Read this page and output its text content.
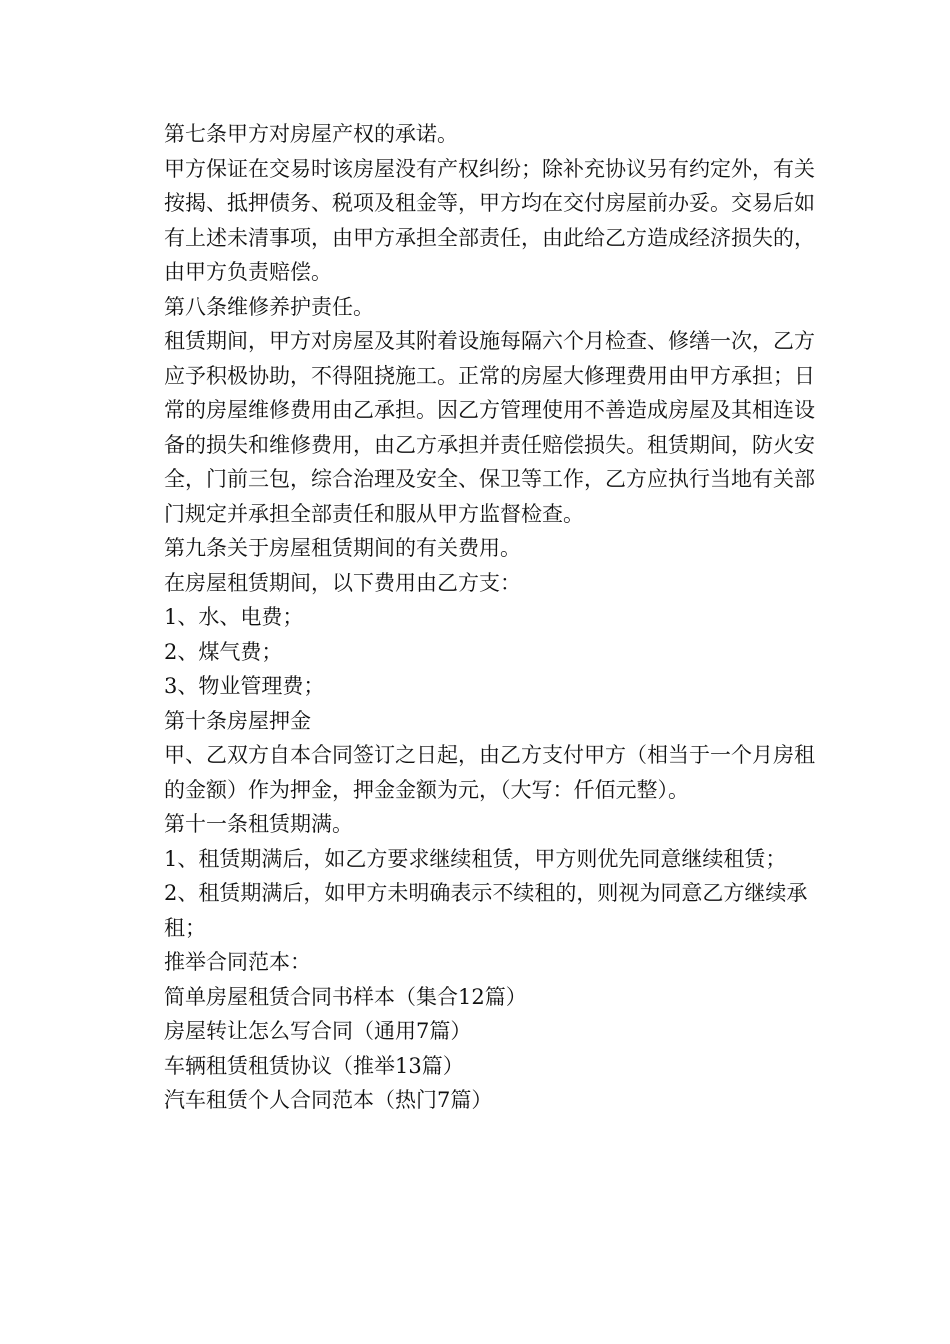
第七条甲方对房屋产权的承诺。

甲方保证在交易时该房屋没有产权纠纷；除补充协议另有约定外，有关按揭、抵押债务、税项及租金等，甲方均在交付房屋前办妥。交易后如有上述未清事项，由甲方承担全部责任，由此给乙方造成经济损失的，由甲方负责赔偿。

第八条维修养护责任。

租赁期间，甲方对房屋及其附着设施每隔六个月检查、修缮一次，乙方应予积极协助，不得阻挠施工。正常的房屋大修理费用由甲方承担；日常的房屋维修费用由乙承担。因乙方管理使用不善造成房屋及其相连设备的损失和维修费用，由乙方承担并责任赔偿损失。租赁期间，防火安全，门前三包，综合治理及安全、保卫等工作，乙方应执行当地有关部门规定并承担全部责任和服从甲方监督检查。

第九条关于房屋租赁期间的有关费用。

在房屋租赁期间，以下费用由乙方支：

1、水、电费；

2、煤气费；

3、物业管理费；

第十条房屋押金

甲、乙双方自本合同签订之日起，由乙方支付甲方（相当于一个月房租的金额）作为押金，押金金额为元，（大写：仟佰元整）。

第十一条租赁期满。

1、租赁期满后，如乙方要求继续租赁，甲方则优先同意继续租赁；

2、租赁期满后，如甲方未明确表示不续租的，则视为同意乙方继续承租；

推举合同范本：

简单房屋租赁合同书样本（集合12篇）

房屋转让怎么写合同（通用7篇）

车辆租赁租赁协议（推举13篇）

汽车租赁个人合同范本（热门7篇）
